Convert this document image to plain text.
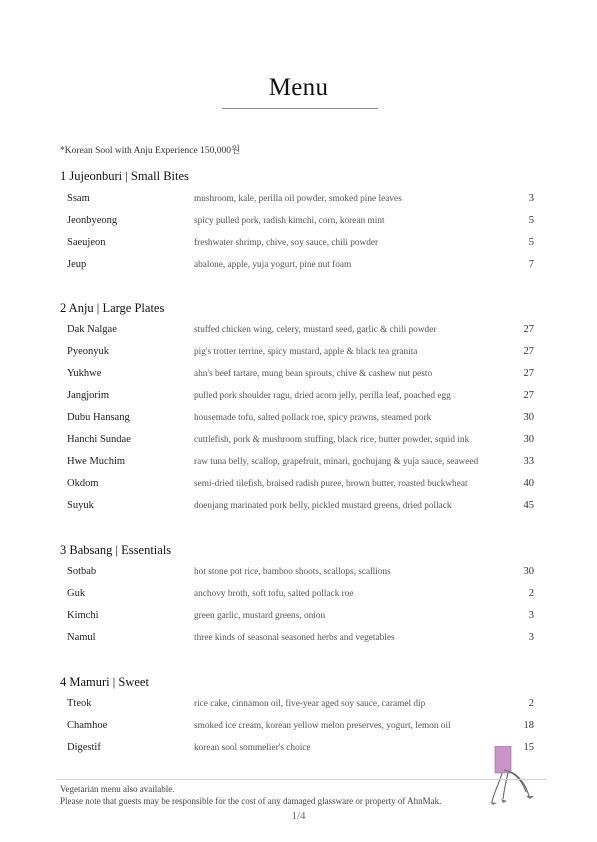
Menu
*Korean Sool with Anju Experience 150,000원
1 Jujeonburi | Small Bites
Ssam	mushroom, kale, perilla oil powder, smoked pine leaves	3
Jeonbyeong	spicy pulled pork, radish kimchi, corn, korean mint	5
Saeujeon	freshwater shrimp, chive, soy sauce, chili powder	5
Jeup	abalone, apple, yuja yogurt, pine nut foam	7
2 Anju | Large Plates
Dak Nalgae	stuffed chicken wing, celery, mustard seed, garlic & chili powder	27
Pyeonyuk	pig's trotter terrine, spicy mustard, apple & black tea granita	27
Yukhwe	ahn's beef tartare, mung bean sprouts, chive & cashew nut pesto	27
Jangjorim	pulled pork shoulder ragu, dried acorn jelly, perilla leaf, poached egg	27
Dubu Hansang	housemade tofu, salted pollack roe, spicy prawns, steamed pork	30
Hanchi Sundae	cuttlefish, pork & mushroom stuffing, black rice, butter powder, squid ink	30
Hwe Muchim	raw tuna belly, scallop, grapefruit, minari, gochujang & yuja sauce, seaweed	33
Okdom	semi-dried tilefish, braised radish puree, brown butter, roasted buckwheat	40
Suyuk	doenjang marinated pork belly, pickled mustard greens, dried pollack	45
3 Babsang | Essentials
Sotbab	hot stone pot rice, bamboo shoots, scallops, scallions	30
Guk	anchovy broth, soft tofu, salted pollack roe	2
Kimchi	green garlic, mustard greens, onion	3
Namul	three kinds of seasonal seasoned herbs and vegetables	3
4 Mamuri | Sweet
Tteok	rice cake, cinnamon oil, five-year aged soy sauce, caramel dip	2
Chamhoe	smoked ice cream, korean yellow melon preserves, yogurt, lemon oil	18
Digestif	korean sool sommelier's choice	15
Vegetarian menu also available.
Please note that guests may be responsible for the cost of any damaged glassware or property of AhnMak.
1/4
